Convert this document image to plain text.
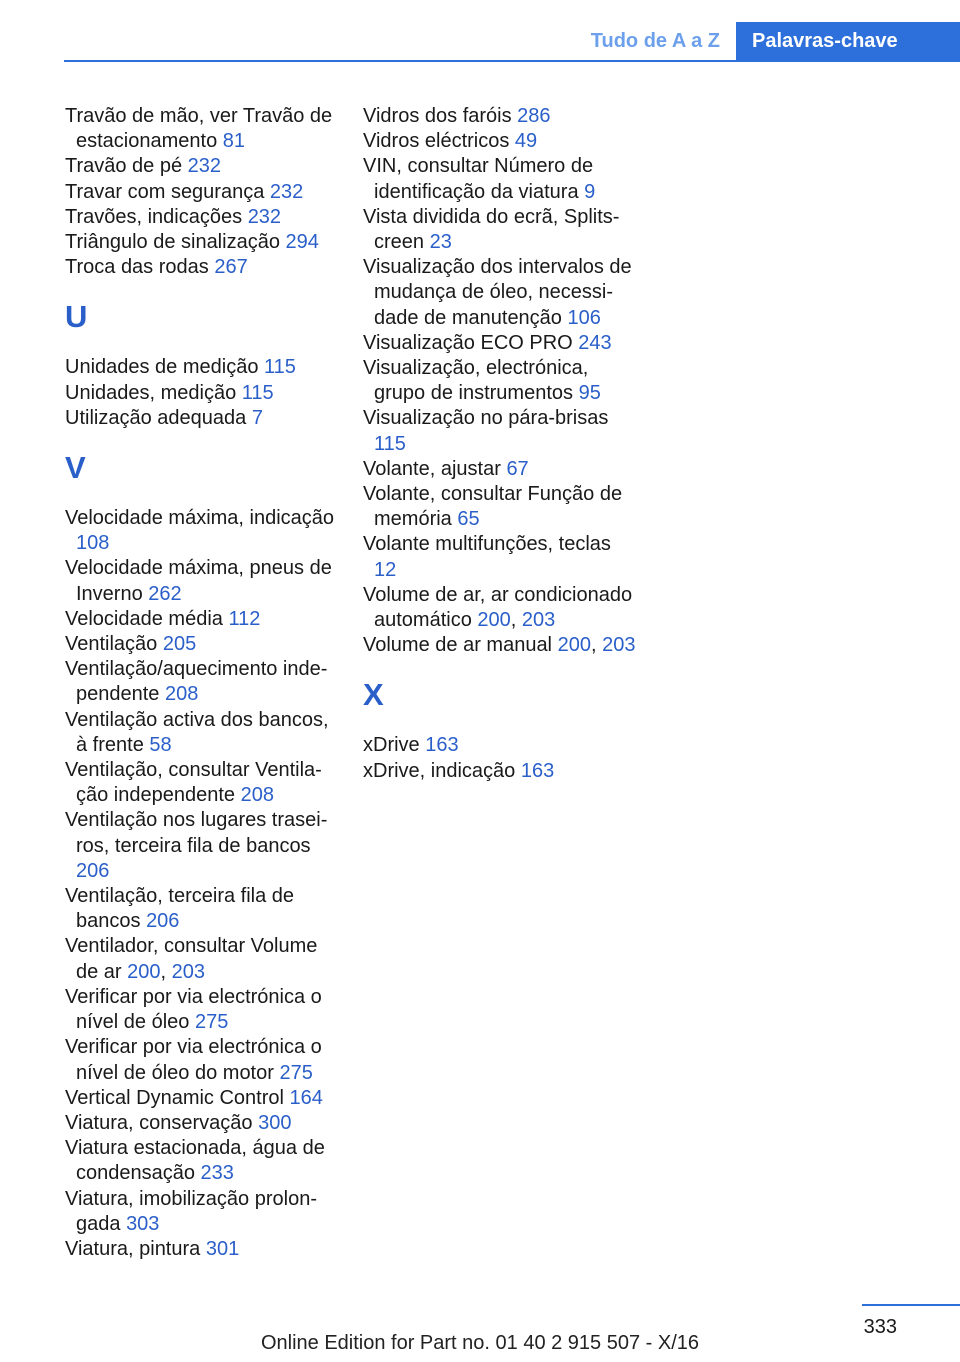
Tudo de A a Z Palavras-chave
Travão de mão, ver Travão de estacionamento 81
Travão de pé 232
Travar com segurança 232
Travões, indicações 232
Triângulo de sinalização 294
Troca das rodas 267
U
Unidades de medição 115
Unidades, medição 115
Utilização adequada 7
V
Velocidade máxima, indicação 108
Velocidade máxima, pneus de Inverno 262
Velocidade média 112
Ventilação 205
Ventilação/aquecimento independente 208
Ventilação activa dos bancos, à frente 58
Ventilação, consultar Ventilação independente 208
Ventilação nos lugares traseiros, terceira fila de bancos 206
Ventilação, terceira fila de bancos 206
Ventilador, consultar Volume de ar 200, 203
Verificar por via electrónica o nível de óleo 275
Verificar por via electrónica o nível de óleo do motor 275
Vertical Dynamic Control 164
Viatura, conservação 300
Viatura estacionada, água de condensação 233
Viatura, imobilização prolongada 303
Viatura, pintura 301
Vidros dos faróis 286
Vidros eléctricos 49
VIN, consultar Número de identificação da viatura 9
Vista dividida do ecrã, Splitscreen 23
Visualização dos intervalos de mudança de óleo, necessidade de manutenção 106
Visualização ECO PRO 243
Visualização, electrónica, grupo de instrumentos 95
Visualização no pára-brisas 115
Volante, ajustar 67
Volante, consultar Função de memória 65
Volante multifunções, teclas 12
Volume de ar, ar condicionado automático 200, 203
Volume de ar manual 200, 203
X
xDrive 163
xDrive, indicação 163
333
Online Edition for Part no. 01 40 2 915 507 - X/16
